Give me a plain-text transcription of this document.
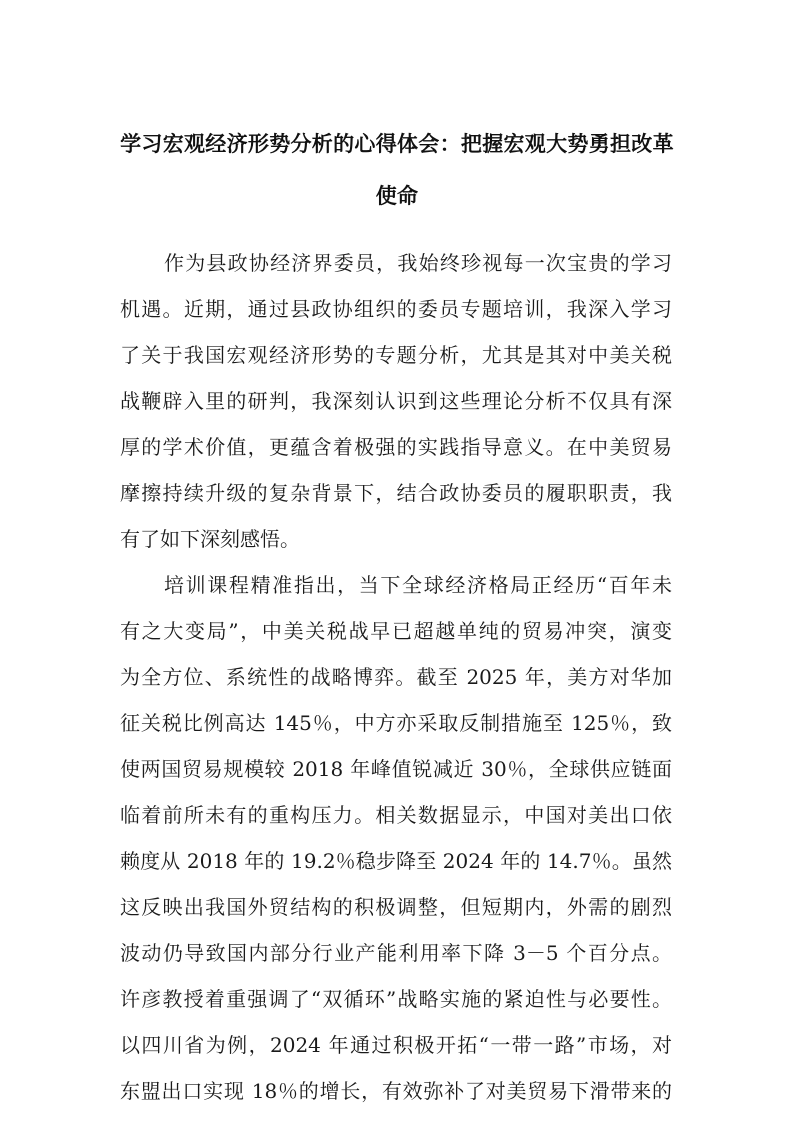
学习宏观经济形势分析的心得体会：把握宏观大势勇担改革
使命
作为县政协经济界委员，我始终珍视每一次宝贵的学习
机遇。近期，通过县政协组织的委员专题培训，我深入学习
了关于我国宏观经济形势的专题分析，尤其是其对中美关税
战鞭辟入里的研判，我深刻认识到这些理论分析不仅具有深
厚的学术价值，更蕴含着极强的实践指导意义。在中美贸易
摩擦持续升级的复杂背景下，结合政协委员的履职职责，我
有了如下深刻感悟。
培训课程精准指出，当下全球经济格局正经历“百年未
有之大变局”，中美关税战早已超越单纯的贸易冲突，演变
为全方位、系统性的战略博弈。截至 2025 年，美方对华加
征关税比例高达 145％，中方亦采取反制措施至 125％，致
使两国贸易规模较 2018 年峰值锐减近 30％，全球供应链面
临着前所未有的重构压力。相关数据显示，中国对美出口依
赖度从 2018 年的 19.2％稳步降至 2024 年的 14.7％。虽然
这反映出我国外贸结构的积极调整，但短期内，外需的剧烈
波动仍导致国内部分行业产能利用率下降 3－5 个百分点。
许彦教授着重强调了“双循环”战略实施的紧迫性与必要性。
以四川省为例，2024 年通过积极开拓“一带一路”市场，对
东盟出口实现 18％的增长，有效弥补了对美贸易下滑带来的
